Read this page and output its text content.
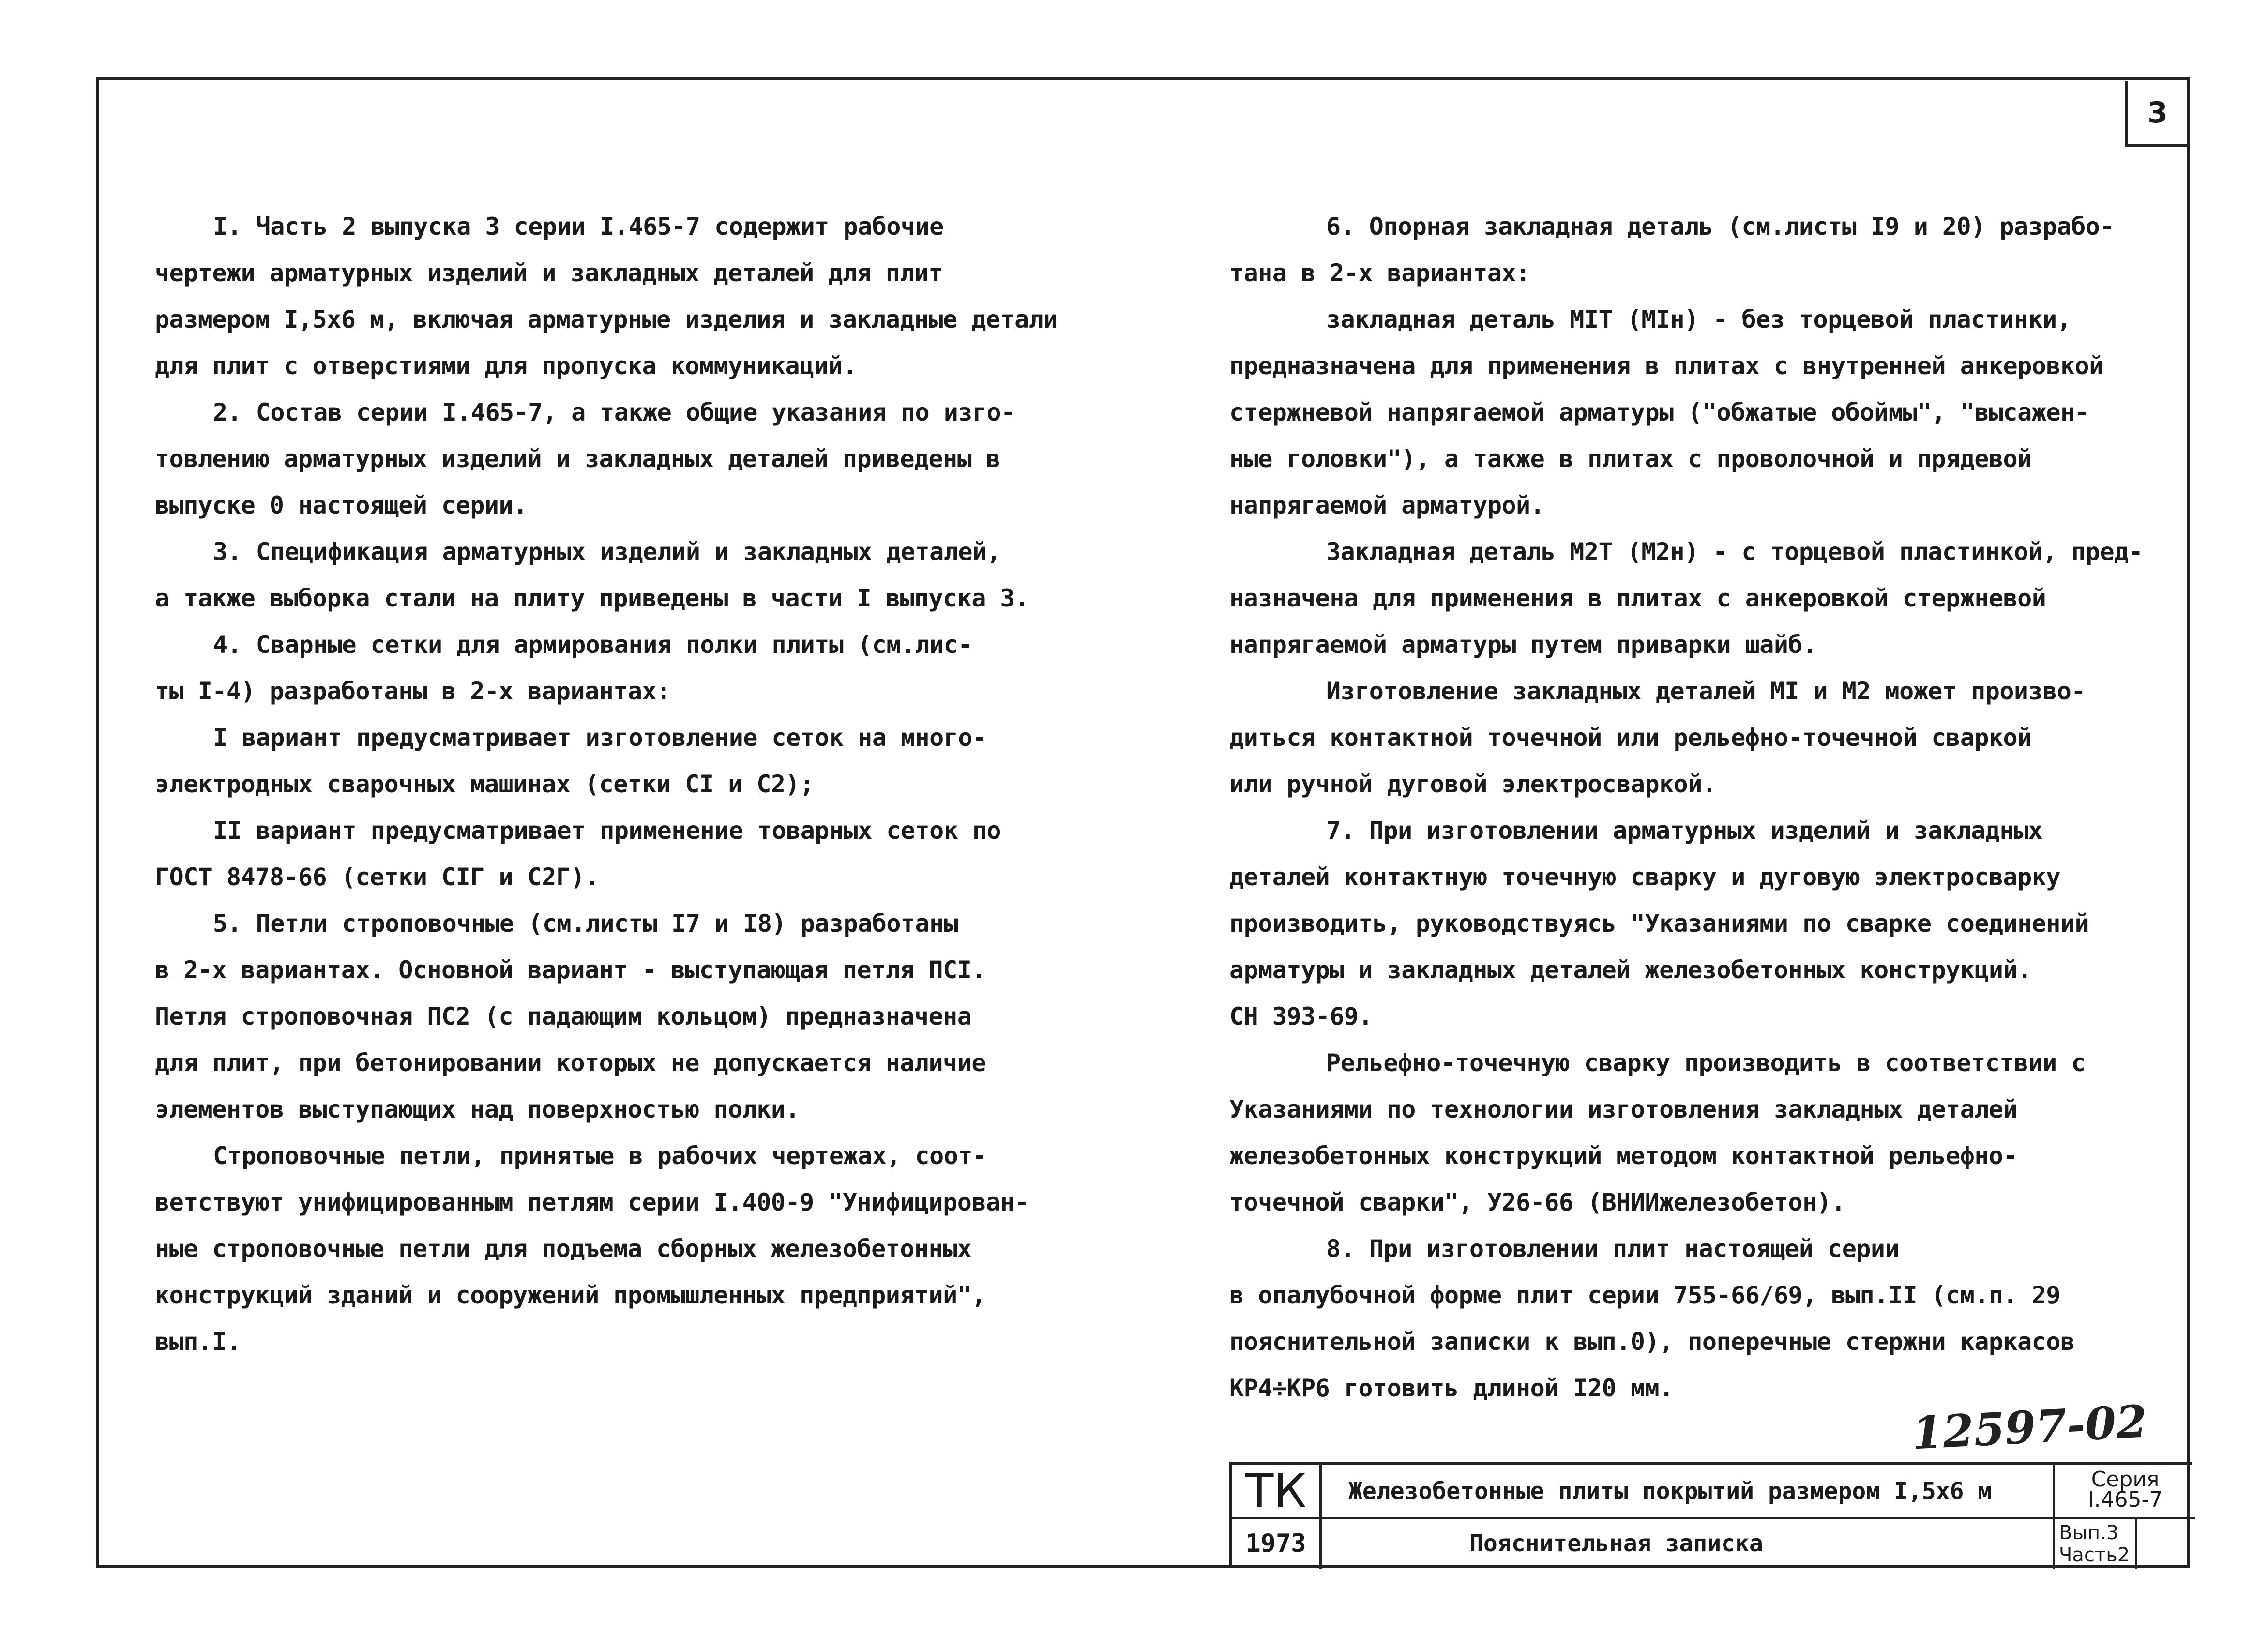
3
I. Часть 2 выпуска 3 серии I.465-7 содержит рабочие
чертежи арматурных изделий и закладных деталей для плит
размером I,5x6 м, включая арматурные изделия и закладные детали
для плит с отверстиями для пропуска коммуникаций.
2. Состав серии I.465-7, а также общие указания по изго-
товлению арматурных изделий и закладных деталей приведены в
выпуске 0 настоящей серии.
3. Спецификация арматурных изделий и закладных деталей,
а также выборка стали на плиту приведены в части I выпуска 3.
4. Сварные сетки для армирования полки плиты (см.лис-
ты I-4) разработаны в 2-х вариантах:
I вариант предусматривает изготовление сеток на много-
электродных сварочных машинах (сетки CI и C2);
II вариант предусматривает применение товарных сеток по
ГОСТ 8478-66 (сетки CIГ и C2Г).
5. Петли строповочные (см.листы I7 и I8) разработаны
в 2-х вариантах. Основной вариант - выступающая петля ПСI.
Петля строповочная ПС2 (с падающим кольцом) предназначена
для плит, при бетонировании которых не допускается наличие
элементов выступающих над поверхностью полки.
Строповочные петли, принятые в рабочих чертежах, соот-
ветствуют унифицированным петлям серии I.400-9 "Унифицирован-
ные строповочные петли для подъема сборных железобетонных
конструкций зданий и сооружений промышленных предприятий",
вып.I.
6. Опорная закладная деталь (см.листы I9 и 20) разрабо-
тана в 2-х вариантах:
закладная деталь МIТ (МIн) - без торцевой пластинки,
предназначена для применения в плитах с внутренней анкеровкой
стержневой напрягаемой арматуры ("обжатые обоймы", "высажен-
ные головки"), а также в плитах с проволочной и прядевой
напрягаемой арматурой.
Закладная деталь М2Т (М2н) - с торцевой пластинкой, пред-
назначена для применения в плитах с анкеровкой стержневой
напрягаемой арматуры путем приварки шайб.
Изготовление закладных деталей МI и М2 может произво-
диться контактной точечной или рельефно-точечной сваркой
или ручной дуговой электросваркой.
7. При изготовлении арматурных изделий и закладных
деталей контактную точечную сварку и дуговую электросварку
производить, руководствуясь "Указаниями по сварке соединений
арматуры и закладных деталей железобетонных конструкций.
СН 393-69.
Рельефно-точечную сварку производить в соответствии с
Указаниями по технологии изготовления закладных деталей
железобетонных конструкций методом контактной рельефно-
точечной сварки", У26-66 (ВНИИжелезобетон).
8. При изготовлении плит настоящей серии
в опалубочной форме плит серии 755-66/69, вып.II (см.п. 29
пояснительной записки к вып.0), поперечные стержни каркасов
КР4÷КР6 готовить длиной I20 мм.
12597-02
ТК
1973
Железобетонные плиты покрытий размером I,5x6 м
Пояснительная записка
Серия
I.465-7
Вып.3
Часть2
